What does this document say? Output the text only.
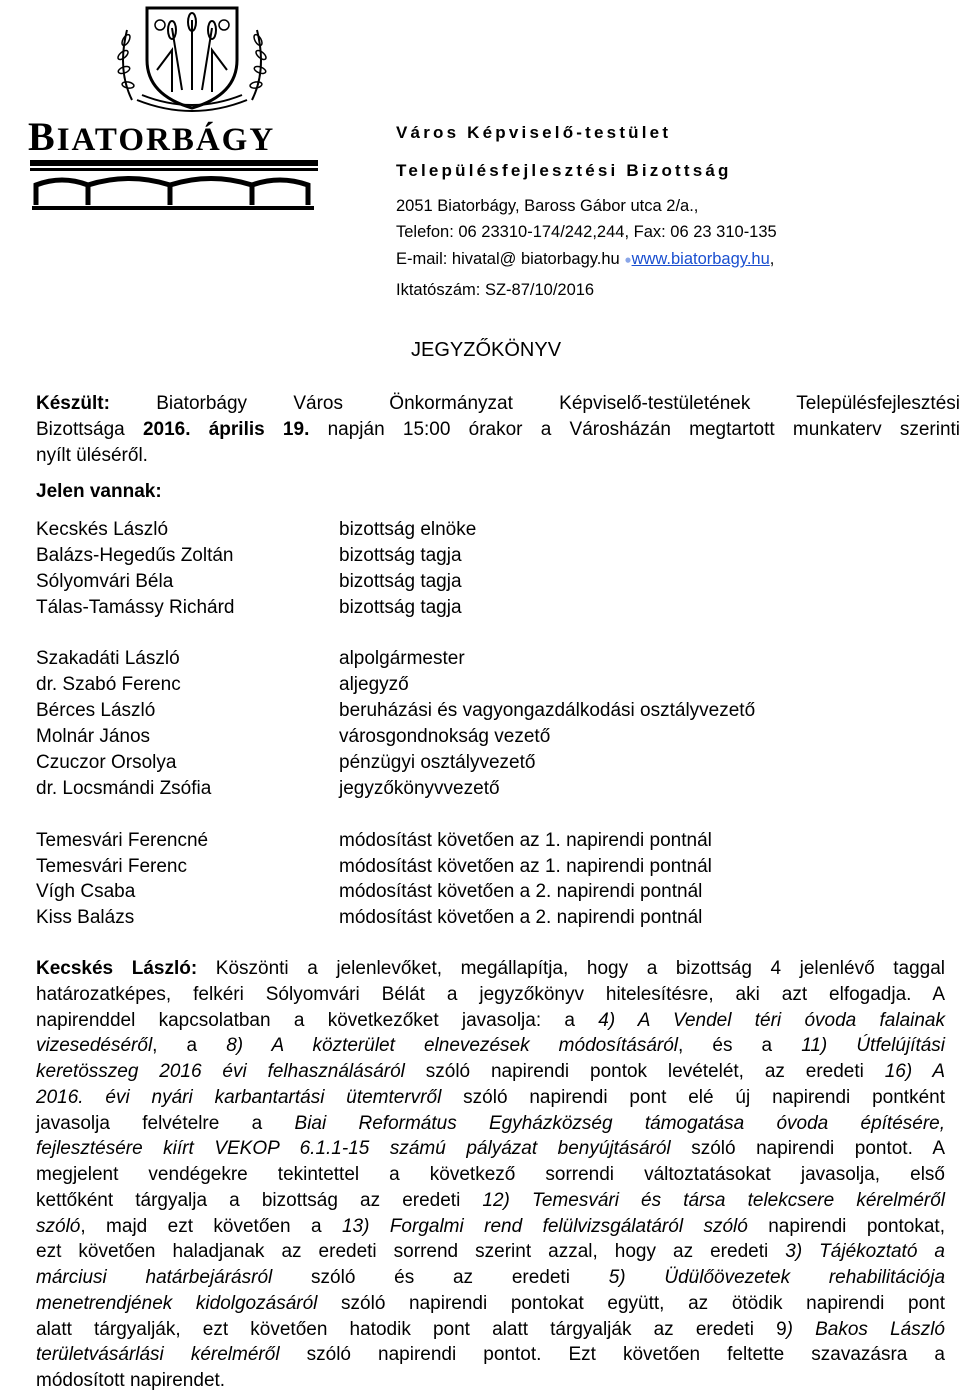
BIATORBÁGY	Város Képviselő-testület
Településfejlesztési Bizottság
2051 Biatorbágy, Baross Gábor utca 2/a.,
Telefon: 06 23310-174/242,244, Fax: 06 23 310-135
E-mail: hivatal@ biatorbagy.hu ●www.biatorbagy.hu,
Iktatószám: SZ-87/10/2016
JEGYZŐKÖNYV
Készült: Biatorbágy Város Önkormányzat Képviselő-testületének Településfejlesztési
Bizottsága 2016. április 19. napján 15:00 órakor a Városházán megtartott munkaterv szerinti
nyílt üléséről.
Jelen vannak:
Kecskés László
Balázs-Hegedűs Zoltán
Sólyomvári Béla
Tálas-Tamássy Richárd
Szakadáti László
dr. Szabó Ferenc
Bérces László
Molnár János
Czuczor Orsolya
dr. Locsmándi Zsófia
Temesvári Ferencné
Temesvári Ferenc
Vígh Csaba
Kiss Balázs
bizottság elnöke
bizottság tagja
bizottság tagja
bizottság tagja
alpolgármester
aljegyző
beruházási és vagyongazdálkodási osztályvezető
városgondnokság vezető
pénzügyi osztályvezető
jegyzőkönyvvezető
módosítást követően az 1. napirendi pontnál
módosítást követően az 1. napirendi pontnál
módosítást követően a 2. napirendi pontnál
módosítást követően a 2. napirendi pontnál
Kecskés László: Köszönti a jelenlevőket, megállapítja, hogy a bizottság 4 jelenlévő taggal
határozatképes, felkéri Sólyomvári Bélát a jegyzőkönyv hitelesítésre, aki azt elfogadja. A
napirenddel kapcsolatban a következőket javasolja: a 4) A Vendel téri óvoda falainak
vizesedéséről, a 8) A közterület elnevezések módosításáról, és a 11) Útfelújítási
keretösszeg 2016 évi felhasználásáról szóló napirendi pontok levételét, az eredeti 16) A
2016. évi nyári karbantartási ütemtervről szóló napirendi pont elé új napirendi pontként
javasolja felvételre a Biai Református Egyházközség támogatása óvoda építésére,
fejlesztésére kiírt VEKOP 6.1.1-15 számú pályázat benyújtásáról szóló napirendi pontot. A
megjelent vendégekre tekintettel a következő sorrendi változtatásokat javasolja, első
kettőként tárgyalja a bizottság az eredeti 12) Temesvári és társa telekcsere kérelméről
szóló, majd ezt követően a 13) Forgalmi rend felülvizsgálatáról szóló napirendi pontokat,
ezt követően haladjanak az eredeti sorrend szerint azzal, hogy az eredeti 3) Tájékoztató a
márciusi határbejárásról szóló és az eredeti 5) Üdülőövezetek rehabilitációja
menetrendjének kidolgozásáról szóló napirendi pontokat együtt, az ötödik napirendi pont
alatt tárgyalják, ezt követően hatodik pont alatt tárgyalják az eredeti 9) Bakos László
területvásárlási kérelméről szóló napirendi pontot. Ezt követően feltette szavazásra a
módosított napirendet.
